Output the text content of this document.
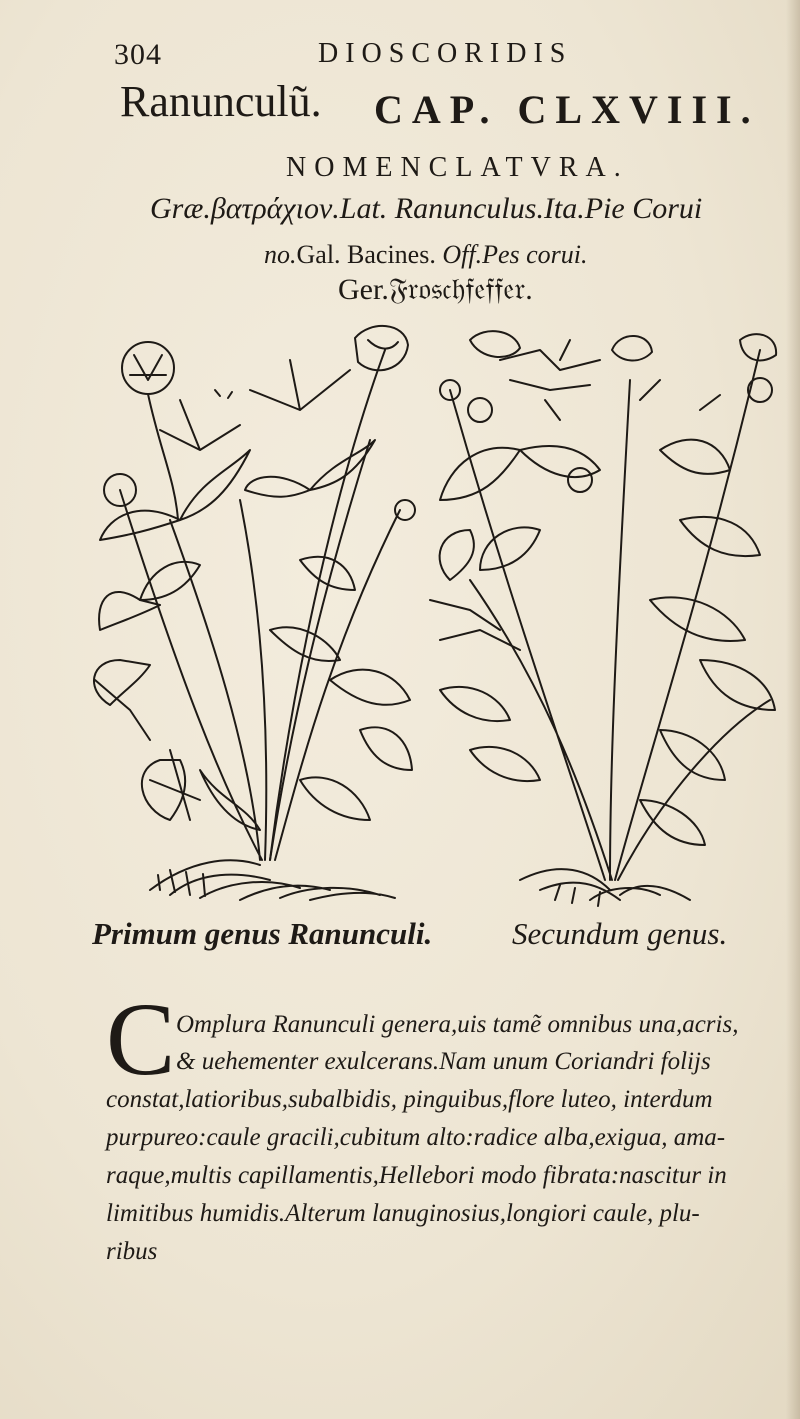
304	DIOSCORIDIS
Ranunculũ. CAP. CLXVIII.
NOMENCLATVRA.
Græ.βατράχιον.Lat. Ranunculus.Ita.Pie Corui
no.Gal. Bacines. Off.Pes corui.
Ger.𝔉𝔯𝔬𝔰𝔠𝔥𝔣𝔢𝔣𝔣𝔢𝔯.
Primum genus Ranunculi.	Secundum genus.
C Omplura Ranunculi genera,uis tamẽ omnibus una,acris,
& uehementer exulcerans.Nam unum Coriandri folijs
constat,latioribus,subalbidis, pinguibus,flore luteo, interdum
purpureo:caule gracili,cubitum alto:radice alba,exigua, ama-
raque,multis capillamentis,Hellebori modo fibrata:nascitur in
limitibus humidis.Alterum lanuginosius,longiori caule, plu-
ribus
